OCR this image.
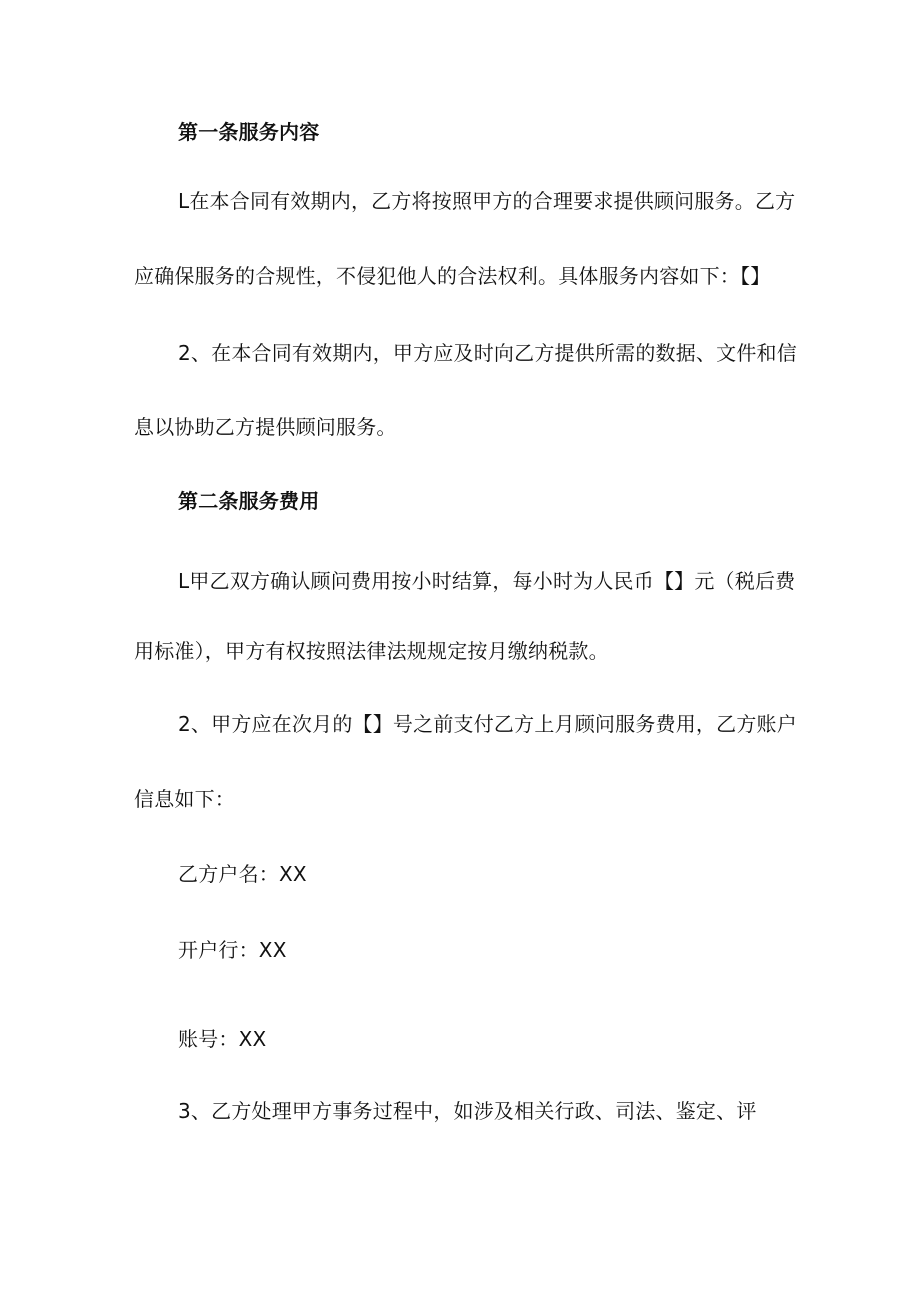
第一条服务内容

L在本合同有效期内，乙方将按照甲方的合理要求提供顾问服务。乙方

应确保服务的合规性，不侵犯他人的合法权利。具体服务内容如下：【】

2、在本合同有效期内，甲方应及时向乙方提供所需的数据、文件和信

息以协助乙方提供顾问服务。

第二条服务费用

L甲乙双方确认顾问费用按小时结算，每小时为人民币【】元（税后费

用标准），甲方有权按照法律法规规定按月缴纳税款。

2、甲方应在次月的【】号之前支付乙方上月顾问服务费用，乙方账户

信息如下：

乙方户名：XX

开户行：XX

账号：XX

3、乙方处理甲方事务过程中，如涉及相关行政、司法、鉴定、评
